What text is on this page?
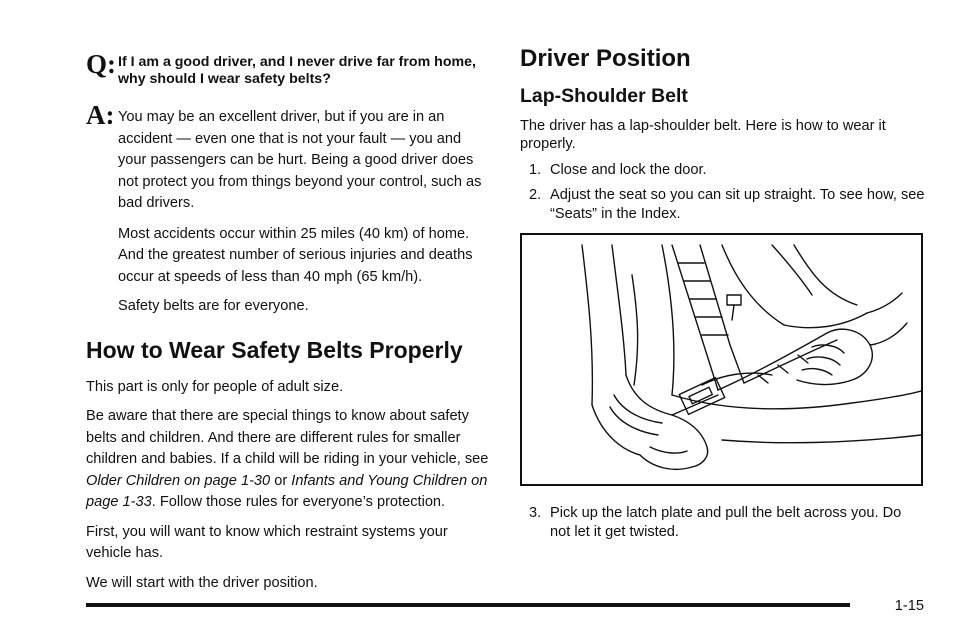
Q: If I am a good driver, and I never drive far from home, why should I wear safety belts?

A: You may be an excellent driver, but if you are in an accident — even one that is not your fault — you and your passengers can be hurt. Being a good driver does not protect you from things beyond your control, such as bad drivers.

Most accidents occur within 25 miles (40 km) of home. And the greatest number of serious injuries and deaths occur at speeds of less than 40 mph (65 km/h).

Safety belts are for everyone.

How to Wear Safety Belts Properly

This part is only for people of adult size.

Be aware that there are special things to know about safety belts and children. And there are different rules for smaller children and babies. If a child will be riding in your vehicle, see Older Children on page 1-30 or Infants and Young Children on page 1-33. Follow those rules for everyone’s protection.

First, you will want to know which restraint systems your vehicle has.

We will start with the driver position.

Driver Position
Lap-Shoulder Belt

The driver has a lap-shoulder belt. Here is how to wear it properly.

1. Close and lock the door.
2. Adjust the seat so you can sit up straight. To see how, see “Seats” in the Index.
3. Pick up the latch plate and pull the belt across you. Do not let it get twisted.
1-15
